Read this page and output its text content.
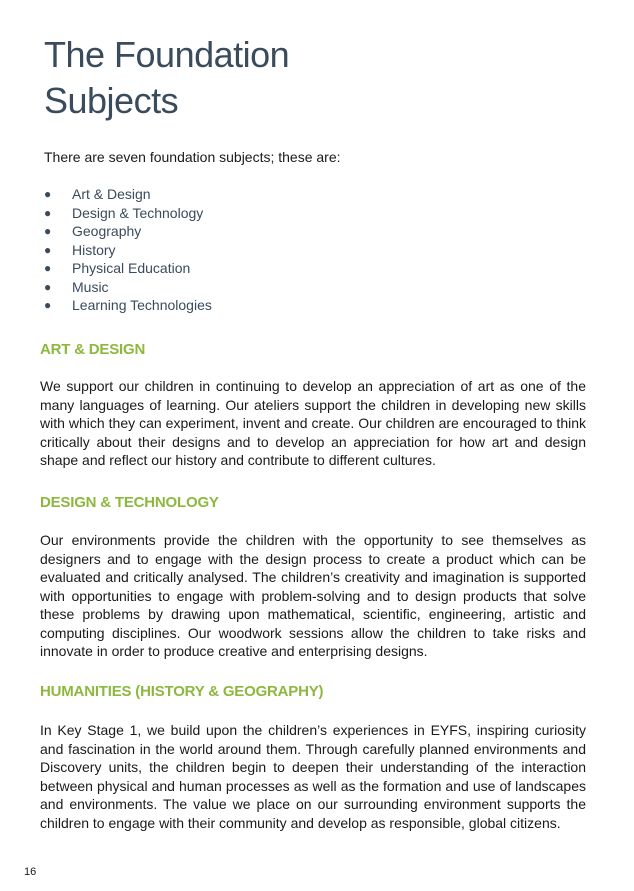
The Foundation
Subjects

There are seven foundation subjects; these are:

● Art & Design
● Design & Technology
● Geography
● History
● Physical Education
● Music
● Learning Technologies
ART & DESIGN

We support our children in continuing to develop an appreciation of art as one of the many languages of learning. Our ateliers support the children in developing new skills with which they can experiment, invent and create. Our children are encouraged to think critically about their designs and to develop an appreciation for how art and design shape and reflect our history and contribute to different cultures.

DESIGN & TECHNOLOGY

Our environments provide the children with the opportunity to see themselves as designers and to engage with the design process to create a product which can be evaluated and critically analysed. The children’s creativity and imagination is supported with opportunities to engage with problem-solving and to design products that solve these problems by drawing upon mathematical, scientific, engineering, artistic and computing disciplines. Our woodwork sessions allow the children to take risks and innovate in order to produce creative and enterprising designs.

HUMANITIES (HISTORY & GEOGRAPHY)

In Key Stage 1, we build upon the children’s experiences in EYFS, inspiring curiosity and fascination in the world around them. Through carefully planned environments and Discovery units, the children begin to deepen their understanding of the interaction between physical and human processes as well as the formation and use of landscapes and environments. The value we place on our surrounding environment supports the children to engage with their community and develop as responsible, global citizens.

16
